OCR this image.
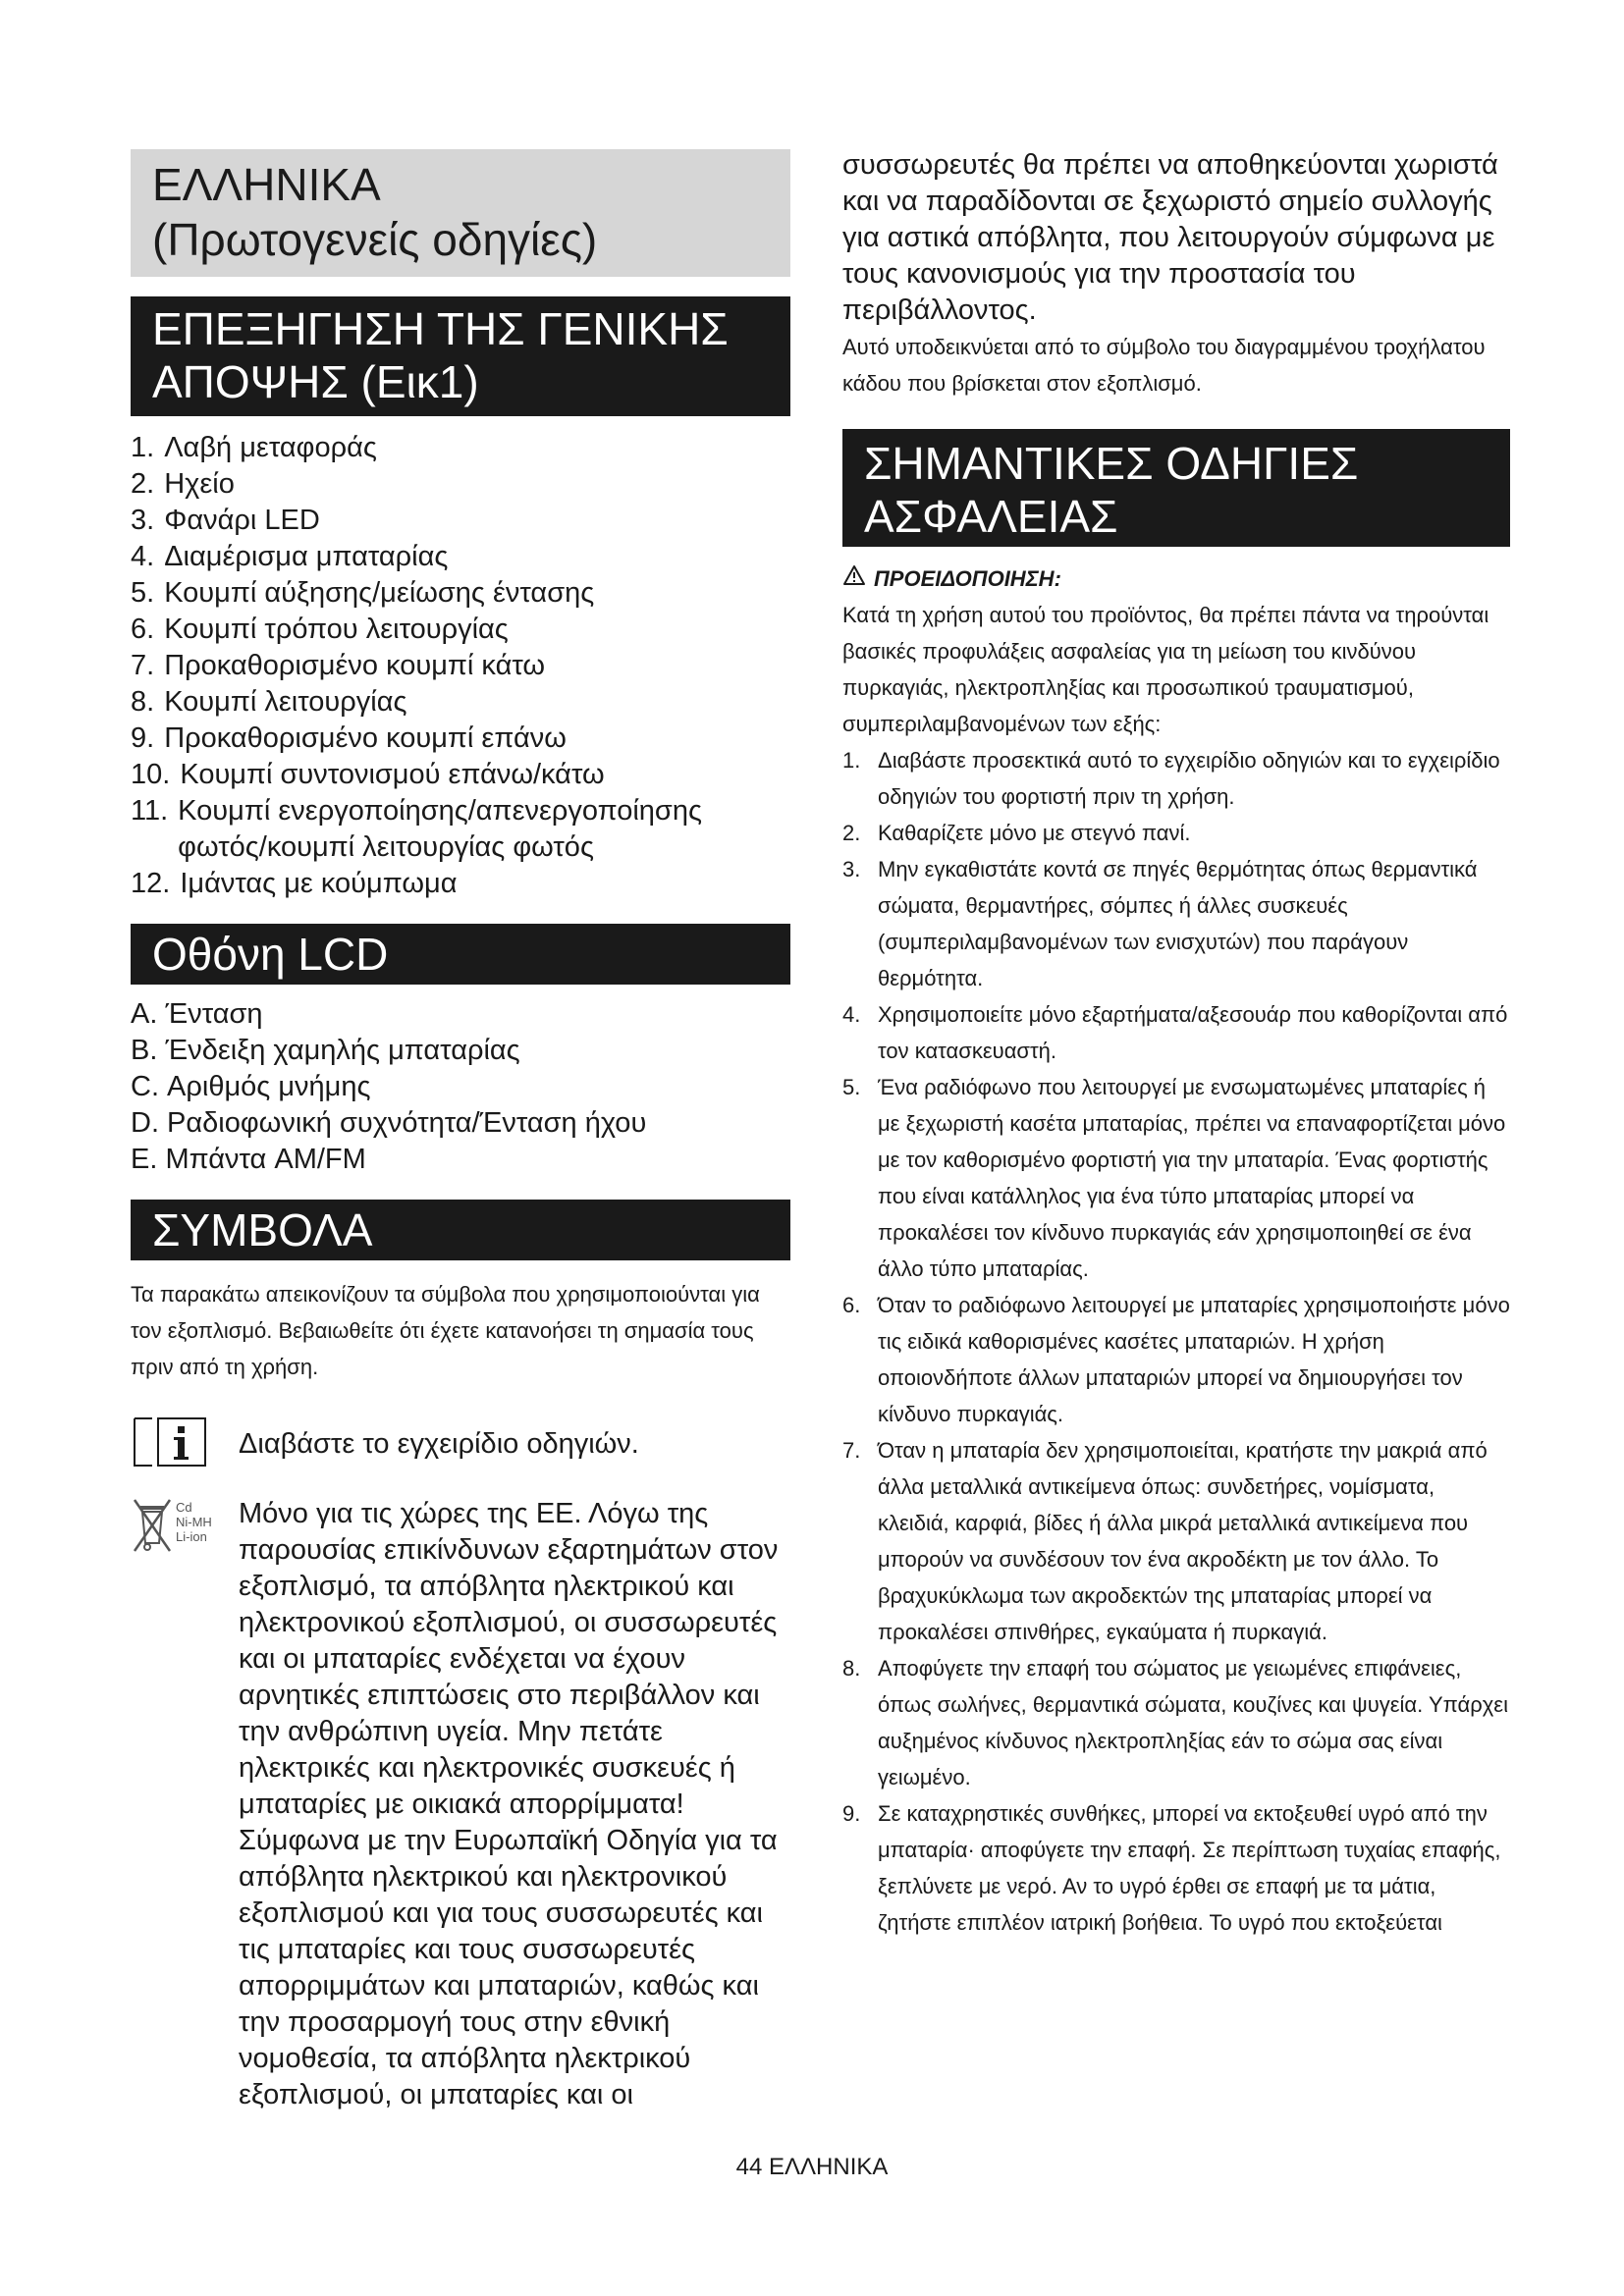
ΕΛΛΗΝΙΚΑ
(Πρωτογενείς οδηγίες)
ΕΠΕΞΗΓΗΣΗ ΤΗΣ ΓΕΝΙΚΗΣ
ΑΠΟΨΗΣ (Εικ1)
1. Λαβή μεταφοράς
2. Ηχείο
3. Φανάρι LED
4. Διαμέρισμα μπαταρίας
5. Κουμπί αύξησης/μείωσης έντασης
6. Κουμπί τρόπου λειτουργίας
7. Προκαθορισμένο κουμπί κάτω
8. Κουμπί λειτουργίας
9. Προκαθορισμένο κουμπί επάνω
10. Κουμπί συντονισμού επάνω/κάτω
11. Κουμπί ενεργοποίησης/απενεργοποίησης φωτός/κουμπί λειτουργίας φωτός
12. Ιμάντας με κούμπωμα
Οθόνη LCD
A. Ένταση
B. Ένδειξη χαμηλής μπαταρίας
C. Αριθμός μνήμης
D. Ραδιοφωνική συχνότητα/Ένταση ήχου
E. Μπάντα AM/FM
ΣΥΜΒΟΛΑ
Τα παρακάτω απεικονίζουν τα σύμβολα που χρησιμοποιούνται για τον εξοπλισμό. Βεβαιωθείτε ότι έχετε κατανοήσει τη σημασία τους πριν από τη χρήση.
Διαβάστε το εγχειρίδιο οδηγιών.
Cd
Ni-MH
Li-ion
Μόνο για τις χώρες της ΕΕ. Λόγω της παρουσίας επικίνδυνων εξαρτημάτων στον εξοπλισμό, τα απόβλητα ηλεκτρικού και ηλεκτρονικού εξοπλισμού, οι συσσωρευτές και οι μπαταρίες ενδέχεται να έχουν αρνητικές επιπτώσεις στο περιβάλλον και την ανθρώπινη υγεία. Μην πετάτε ηλεκτρικές και ηλεκτρονικές συσκευές ή μπαταρίες με οικιακά απορρίμματα! Σύμφωνα με την Ευρωπαϊκή Οδηγία για τα απόβλητα ηλεκτρικού και ηλεκτρονικού εξοπλισμού και για τους συσσωρευτές και τις μπαταρίες και τους συσσωρευτές απορριμμάτων και μπαταριών, καθώς και την προσαρμογή τους στην εθνική νομοθεσία, τα απόβλητα ηλεκτρικού εξοπλισμού, οι μπαταρίες και οι
συσσωρευτές θα πρέπει να αποθηκεύονται χωριστά και να παραδίδονται σε ξεχωριστό σημείο συλλογής για αστικά απόβλητα, που λειτουργούν σύμφωνα με τους κανονισμούς για την προστασία του περιβάλλοντος.
Αυτό υποδεικνύεται από το σύμβολο του διαγραμμένου τροχήλατου κάδου που βρίσκεται στον εξοπλισμό.
ΣΗΜΑΝΤΙΚΕΣ ΟΔΗΓΙΕΣ
ΑΣΦΑΛΕΙΑΣ
ΠΡΟΕΙΔΟΠΟΙΗΣΗ:
Κατά τη χρήση αυτού του προϊόντος, θα πρέπει πάντα να τηρούνται βασικές προφυλάξεις ασφαλείας για τη μείωση του κινδύνου πυρκαγιάς, ηλεκτροπληξίας και προσωπικού τραυματισμού, συμπεριλαμβανομένων των εξής:
1. Διαβάστε προσεκτικά αυτό το εγχειρίδιο οδηγιών και το εγχειρίδιο οδηγιών του φορτιστή πριν τη χρήση.
2. Καθαρίζετε μόνο με στεγνό πανί.
3. Μην εγκαθιστάτε κοντά σε πηγές θερμότητας όπως θερμαντικά σώματα, θερμαντήρες, σόμπες ή άλλες συσκευές (συμπεριλαμβανομένων των ενισχυτών) που παράγουν θερμότητα.
4. Χρησιμοποιείτε μόνο εξαρτήματα/αξεσουάρ που καθορίζονται από τον κατασκευαστή.
5. Ένα ραδιόφωνο που λειτουργεί με ενσωματωμένες μπαταρίες ή με ξεχωριστή κασέτα μπαταρίας, πρέπει να επαναφορτίζεται μόνο με τον καθορισμένο φορτιστή για την μπαταρία. Ένας φορτιστής που είναι κατάλληλος για ένα τύπο μπαταρίας μπορεί να προκαλέσει τον κίνδυνο πυρκαγιάς εάν χρησιμοποιηθεί σε ένα άλλο τύπο μπαταρίας.
6. Όταν το ραδιόφωνο λειτουργεί με μπαταρίες χρησιμοποιήστε μόνο τις ειδικά καθορισμένες κασέτες μπαταριών. Η χρήση οποιονδήποτε άλλων μπαταριών μπορεί να δημιουργήσει τον κίνδυνο πυρκαγιάς.
7. Όταν η μπαταρία δεν χρησιμοποιείται, κρατήστε την μακριά από άλλα μεταλλικά αντικείμενα όπως: συνδετήρες, νομίσματα, κλειδιά, καρφιά, βίδες ή άλλα μικρά μεταλλικά αντικείμενα που μπορούν να συνδέσουν τον ένα ακροδέκτη με τον άλλο. Το βραχυκύκλωμα των ακροδεκτών της μπαταρίας μπορεί να προκαλέσει σπινθήρες, εγκαύματα ή πυρκαγιά.
8. Αποφύγετε την επαφή του σώματος με γειωμένες επιφάνειες, όπως σωλήνες, θερμαντικά σώματα, κουζίνες και ψυγεία. Υπάρχει αυξημένος κίνδυνος ηλεκτροπληξίας εάν το σώμα σας είναι γειωμένο.
9. Σε καταχρηστικές συνθήκες, μπορεί να εκτοξευθεί υγρό από την μπαταρία· αποφύγετε την επαφή. Σε περίπτωση τυχαίας επαφής, ξεπλύνετε με νερό. Αν το υγρό έρθει σε επαφή με τα μάτια, ζητήστε επιπλέον ιατρική βοήθεια. Το υγρό που εκτοξεύεται
44 ΕΛΛΗΝΙΚΑ
